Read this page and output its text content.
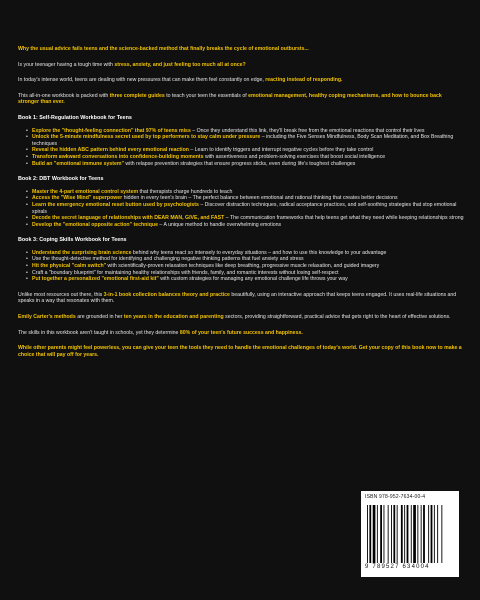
Why the usual advice fails teens and the science-backed method that finally breaks the cycle of emotional outbursts...

Is your teenager having a tough time with stress, anxiety, and just feeling too much all at once?

In today's intense world, teens are dealing with new pressures that can make them feel constantly on edge, reacting instead of responding.

This all-in-one workbook is packed with three complete guides to teach your teen the essentials of emotional management, healthy coping mechanisms, and how to bounce back stronger than ever.

Book 1: Self-Regulation Workbook for Teens

• Explore the "thought-feeling connection" that 97% of teens miss – Once they understand this link, they'll break free from the emotional reactions that control their lives
• Unlock the 5-minute mindfulness secret used by top performers to stay calm under pressure – including the Five Senses Mindfulness, Body Scan Meditation, and Box Breathing techniques
• Reveal the hidden ABC pattern behind every emotional reaction – Learn to identify triggers and interrupt negative cycles before they take control
• Transform awkward conversations into confidence-building moments with assertiveness and problem-solving exercises that boost social intelligence
• Build an "emotional immune system" with relapse prevention strategies that ensure progress sticks, even during life's toughest challenges

Book 2: DBT Workbook for Teens

• Master the 4-part emotional control system that therapists charge hundreds to teach
• Access the "Wise Mind" superpower hidden in every teen's brain – The perfect balance between emotional and rational thinking that creates better decisions
• Learn the emergency emotional reset button used by psychologists – Discover distraction techniques, radical acceptance practices, and self-soothing strategies that stop emotional spirals
• Decode the secret language of relationships with DEAR MAN, GIVE, and FAST – The communication frameworks that help teens get what they need while keeping relationships strong
• Develop the "emotional opposite action" technique – A unique method to handle overwhelming emotions

Book 3: Coping Skills Workbook for Teens

• Understand the surprising brain science behind why teens react so intensely to everyday situations – and how to use this knowledge to your advantage
• Use the thought-detective method for identifying and challenging negative thinking patterns that fuel anxiety and stress
• Hit the physical "calm switch" with scientifically-proven relaxation techniques like deep breathing, progressive muscle relaxation, and guided imagery
• Craft a "boundary blueprint" for maintaining healthy relationships with friends, family, and romantic interests without losing self-respect
• Put together a personalized "emotional first-aid kit" with custom strategies for managing any emotional challenge life throws your way

Unlike most resources out there, this 3-in-1 book collection balances theory and practice beautifully, using an interactive approach that keeps teens engaged. It uses real-life situations and speaks in a way that resonates with them.

Emily Carter's methods are grounded in her ten years in the education and parenting sectors, providing straightforward, practical advice that gets right to the heart of effective solutions.

The skills in this workbook aren't taught in schools, yet they determine 80% of your teen's future success and happiness.

While other parents might feel powerless, you can give your teen the tools they need to handle the emotional challenges of today's world. Get your copy of this book now to make a choice that will pay off for years.

ISBN 978-952-7634-00-4
9 789527 634004
